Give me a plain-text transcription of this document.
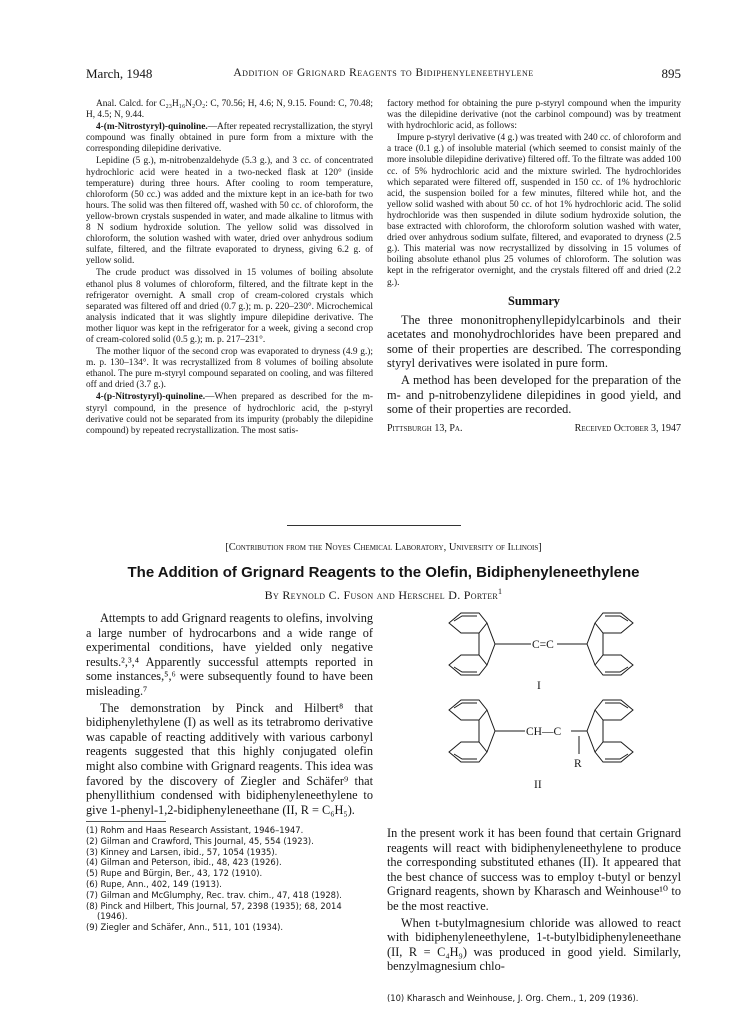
March, 1948	Addition of Grignard Reagents to Bidiphenyleneethylene	895

Anal. Calcd. for C₂₃H₁₆N₂O₂: C, 70.56; H, 4.6; N, 9.15. Found: C, 70.48; H, 4.5; N, 9.44.

4-(m-Nitrostyryl)-quinoline.—After repeated recrystallization, the styryl compound was finally obtained in pure form from a mixture with the corresponding dilepidine derivative.

Lepidine (5 g.), m-nitrobenzaldehyde (5.3 g.), and 3 cc. of concentrated hydrochloric acid were heated in a two-necked flask at 120° (inside temperature) during three hours. After cooling to room temperature, chloroform (50 cc.) was added and the mixture kept in an ice-bath for two hours. The solid was then filtered off, washed with 50 cc. of chloroform, the yellow-brown crystals suspended in water, and made alkaline to litmus with 8 N sodium hydroxide solution. The yellow solid was dissolved in chloroform, the solution washed with water, dried over anhydrous sodium sulfate, filtered, and the filtrate evaporated to dryness, giving 6.2 g. of yellow solid.

The crude product was dissolved in 15 volumes of boiling absolute ethanol plus 8 volumes of chloroform, filtered, and the filtrate kept in the refrigerator overnight. A small crop of cream-colored crystals which separated was filtered off and dried (0.7 g.); m. p. 220–230°. Microchemical analysis indicated that it was slightly impure dilepidine derivative. The mother liquor was kept in the refrigerator for a week, giving a second crop of cream-colored solid (0.5 g.); m. p. 217–231°.

The mother liquor of the second crop was evaporated to dryness (4.9 g.); m. p. 130–134°. It was recrystallized from 8 volumes of boiling absolute ethanol. The pure m-styryl compound separated on cooling, and was filtered off and dried (3.7 g.).

4-(p-Nitrostyryl)-quinoline.—When prepared as described for the m-styryl compound, in the presence of hydrochloric acid, the p-styryl derivative could not be separated from its impurity (probably the dilepidine compound) by repeated recrystallization. The most satis-

factory method for obtaining the pure p-styryl compound when the impurity was the dilepidine derivative (not the carbinol compound) was by treatment with hydrochloric acid, as follows:

Impure p-styryl derivative (4 g.) was treated with 240 cc. of chloroform and a trace (0.1 g.) of insoluble material (which seemed to consist mainly of the more insoluble dilepidine derivative) filtered off. To the filtrate was added 100 cc. of 5% hydrochloric acid and the mixture swirled. The hydrochlorides which separated were filtered off, suspended in 150 cc. of 1% hydrochloric acid, the suspension boiled for a few minutes, filtered while hot, and the yellow solid washed with about 50 cc. of hot 1% hydrochloric acid. The solid hydrochloride was then suspended in dilute sodium hydroxide solution, the base extracted with chloroform, the chloroform solution washed with water, dried over anhydrous sodium sulfate, filtered, and evaporated to dryness (2.5 g.). This material was now recrystallized by dissolving in 15 volumes of boiling absolute ethanol plus 25 volumes of chloroform. The solution was kept in the refrigerator overnight, and the crystals filtered off and dried (2.2 g.).

Summary

The three mononitrophenyllepidylcarbinols and their acetates and monohydrochlorides have been prepared and some of their properties are described. The corresponding styryl derivatives were isolated in pure form.

A method has been developed for the preparation of the m- and p-nitrobenzylidene dilepidines in good yield, and some of their properties are recorded.

Pittsburgh 13, Pa.	Received October 3, 1947
[Contribution from the Noyes Chemical Laboratory, University of Illinois]
The Addition of Grignard Reagents to the Olefin, Bidiphenyleneethylene
By Reynold C. Fuson and Herschel D. Porter$^1$

Attempts to add Grignard reagents to olefins, involving a large number of hydrocarbons and a wide range of experimental conditions, have yielded only negative results.²,³,⁴ Apparently successful attempts reported in some instances,⁵,⁶ were subsequently found to have been misleading.⁷

The demonstration by Pinck and Hilbert⁸ that bidiphenylethylene (I) as well as its tetrabromo derivative was capable of reacting additively with various carbonyl reagents suggested that this highly conjugated olefin might also combine with Grignard reagents. This idea was favored by the discovery of Ziegler and Schäfer⁹ that phenyllithium condensed with bidiphenyleneethylene to give 1-phenyl-1,2-bidiphenyleneethane (II, R = C₆H₅).

(1) Rohm and Haas Research Assistant, 1946–1947.
(2) Gilman and Crawford, This Journal, 45, 554 (1923).
(3) Kinney and Larsen, ibid., 57, 1054 (1935).
(4) Gilman and Peterson, ibid., 48, 423 (1926).
(5) Rupe and Bürgin, Ber., 43, 172 (1910).
(6) Rupe, Ann., 402, 149 (1913).
(7) Gilman and McGlumphy, Rec. trav. chim., 47, 418 (1928).
(8) Pinck and Hilbert, This Journal, 57, 2398 (1935); 68, 2014 (1946).
(9) Ziegler and Schäfer, Ann., 511, 101 (1934).
C=C
I
CH—C
R
II

In the present work it has been found that certain Grignard reagents will react with bidiphenyleneethylene to produce the corresponding substituted ethanes (II). It appeared that the best chance of success was to employ t-butyl or benzyl Grignard reagents, shown by Kharasch and Weinhouse¹⁰ to be the most reactive.

When t-butylmagnesium chloride was allowed to react with bidiphenyleneethylene, 1-t-butylbidiphenyleneethane (II, R = C₄H₉) was produced in good yield. Similarly, benzylmagnesium chlo-

(10) Kharasch and Weinhouse, J. Org. Chem., 1, 209 (1936).
